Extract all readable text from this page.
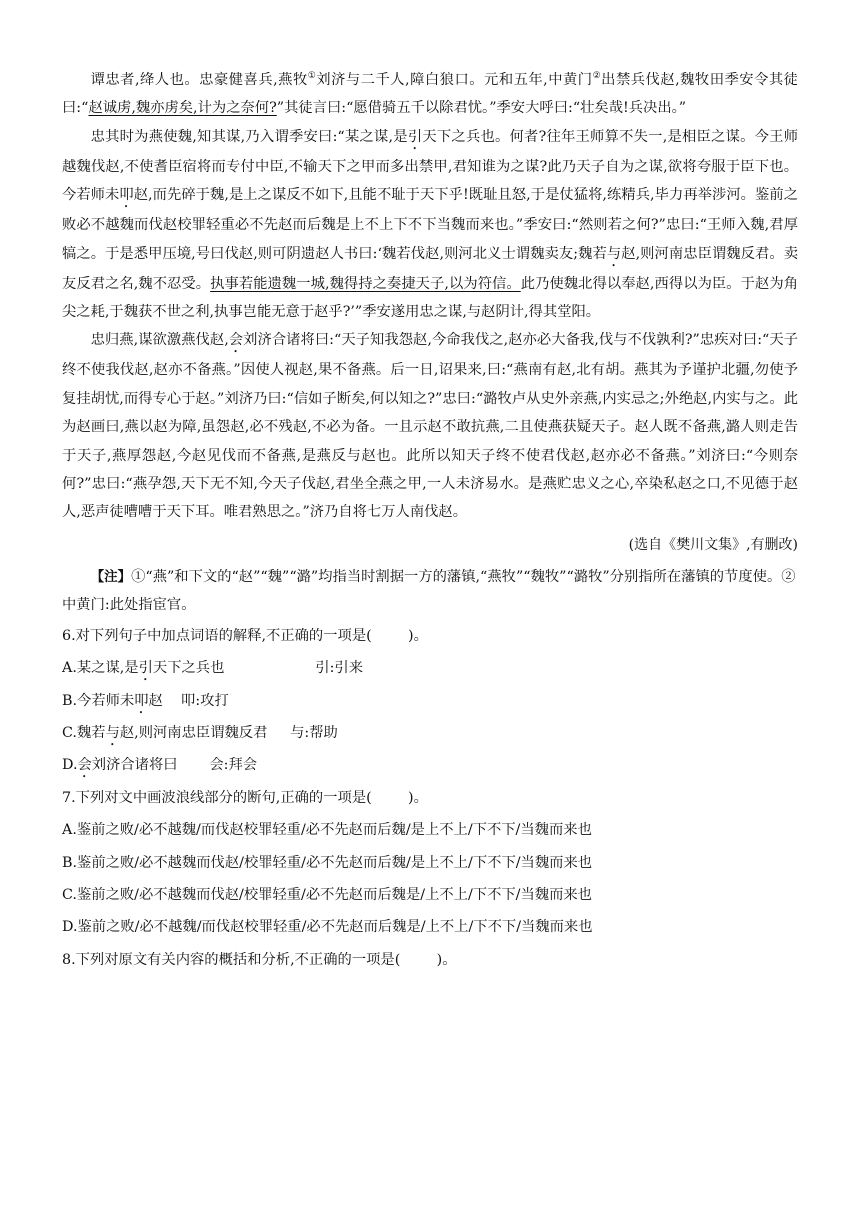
谭忠者,绛人也。忠豪健喜兵,燕牧①刘济与二千人,障白狼口。元和五年,中黄门②出禁兵伐赵,魏牧田季安令其徒曰:“赵诚虏,魏亦虏矣,计为之奈何?”其徒言曰:“愿借骑五千以除君忧。”季安大呼曰:“壮矣哉!兵决出。”

忠其时为燕使魏,知其谋,乃入谓季安曰:“某之谋,是引天下之兵也。何者?往年王师算不失一,是相臣之谋。今王师越魏伐赵,不使耆臣宿将而专付中臣,不输天下之甲而多出禁甲,君知谁为之谋?此乃天子自为之谋,欲将夸服于臣下也。今若师未叩赵,而先碎于魏,是上之谋反不如下,且能不耻于天下乎!既耻且怒,于是仗猛将,练精兵,毕力再举涉河。鉴前之败必不越魏而伐赵校罪轻重必不先赵而后魏是上不上下不下当魏而来也。”季安曰:“然则若之何?”忠曰:“王师入魏,君厚犒之。于是悉甲压境,号曰伐赵,则可阴遗赵人书曰:‘魏若伐赵,则河北义士谓魏卖友;魏若与赵,则河南忠臣谓魏反君。卖友反君之名,魏不忍受。执事若能遗魏一城,魏得持之奏捷天子,以为符信。此乃使魏北得以奉赵,西得以为臣。于赵为角尖之耗,于魏获不世之利,执事岂能无意于赵乎?’”季安遂用忠之谋,与赵阴计,得其堂阳。

忠归燕,谋欲激燕伐赵,会刘济合诸将曰:“天子知我怨赵,今命我伐之,赵亦必大备我,伐与不伐孰利?”忠疾对曰:“天子终不使我伐赵,赵亦不备燕。”因使人视赵,果不备燕。后一日,诏果来,曰:“燕南有赵,北有胡。燕其为予谨护北疆,勿使予复挂胡忧,而得专心于赵。”刘济乃曰:“信如子断矣,何以知之?”忠曰:“潞牧卢从史外亲燕,内实忌之;外绝赵,内实与之。此为赵画曰,燕以赵为障,虽怨赵,必不残赵,不必为备。一且示赵不敢抗燕,二且使燕获疑天子。赵人既不备燕,潞人则走告于天子,燕厚怨赵,今赵见伐而不备燕,是燕反与赵也。此所以知天子终不使君伐赵,赵亦必不备燕。”刘济曰:“今则奈何?”忠曰:“燕孕怨,天下无不知,今天子伐赵,君坐全燕之甲,一人未济易水。是燕贮忠义之心,卒染私赵之口,不见德于赵人,恶声徒嘈嘈于天下耳。唯君熟思之。”济乃自将七万人南伐赵。

(选自《樊川文集》,有删改)

【注】①“燕”和下文的“赵”“魏”“潞”均指当时割据一方的藩镇,“燕牧”“魏牧”“潞牧”分别指所在藩镇的节度使。②中黄门:此处指宦官。

6.对下列句子中加点词语的解释,不正确的一项是(        )。

A.某之谋,是引天下之兵也	引:引来

B.今若师未叩赵 叩:攻打

C.魏若与赵,则河南忠臣谓魏反君 与:帮助

D.会刘济合诸将曰 会:拜会

7.下列对文中画波浪线部分的断句,正确的一项是(        )。

A.鉴前之败/必不越魏/而伐赵校罪轻重/必不先赵而后魏/是上不上/下不下/当魏而来也

B.鉴前之败/必不越魏而伐赵/校罪轻重/必不先赵而后魏/是上不上/下不下/当魏而来也

C.鉴前之败/必不越魏而伐赵/校罪轻重/必不先赵而后魏是/上不上/下不下/当魏而来也

D.鉴前之败/必不越魏/而伐赵校罪轻重/必不先赵而后魏是/上不上/下不下/当魏而来也

8.下列对原文有关内容的概括和分析,不正确的一项是(        )。
